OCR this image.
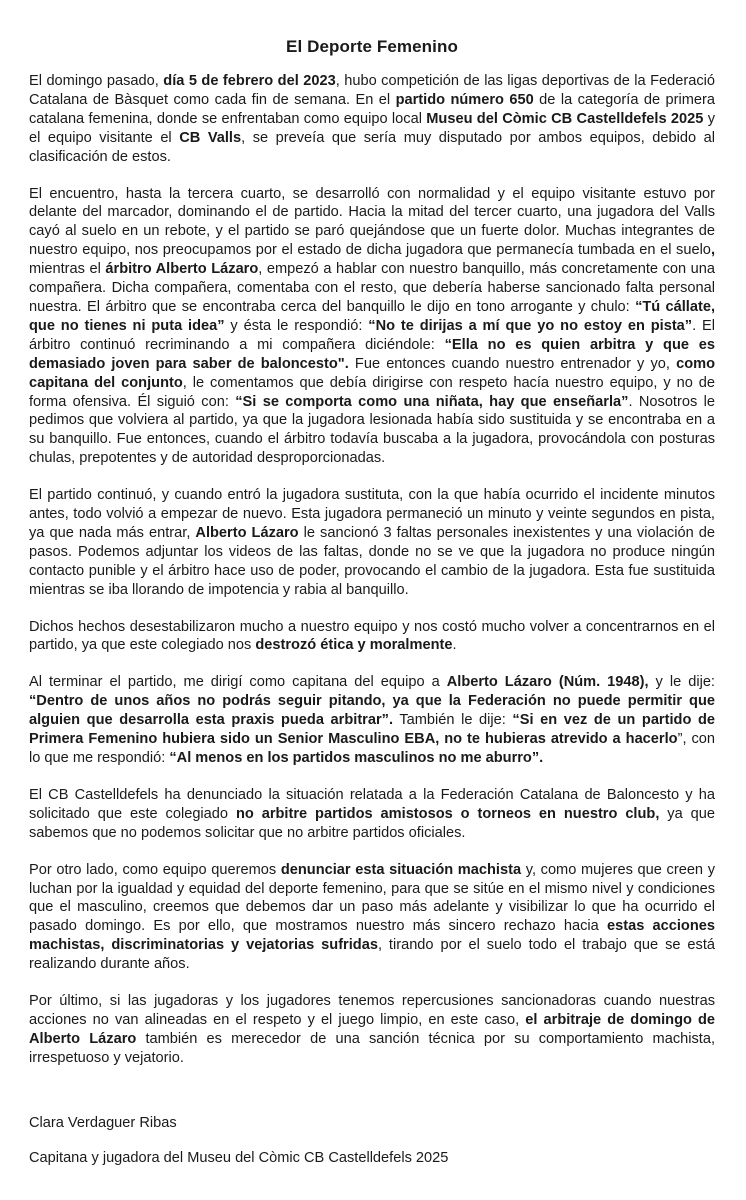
El Deporte Femenino

El domingo pasado, día 5 de febrero del 2023, hubo competición de las ligas deportivas de la Federació Catalana de Bàsquet como cada fin de semana. En el partido número 650 de la categoría de primera catalana femenina, donde se enfrentaban como equipo local Museu del Còmic CB Castelldefels 2025 y el equipo visitante el CB Valls, se preveía que sería muy disputado por ambos equipos, debido al clasificación de estos.

El encuentro, hasta la tercera cuarto, se desarrolló con normalidad y el equipo visitante estuvo por delante del marcador, dominando el de partido. Hacia la mitad del tercer cuarto, una jugadora del Valls cayó al suelo en un rebote, y el partido se paró quejándose que un fuerte dolor. Muchas integrantes de nuestro equipo, nos preocupamos por el estado de dicha jugadora que permanecía tumbada en el suelo, mientras el árbitro Alberto Lázaro, empezó a hablar con nuestro banquillo, más concretamente con una compañera. Dicha compañera, comentaba con el resto, que debería haberse sancionado falta personal nuestra. El árbitro que se encontraba cerca del banquillo le dijo en tono arrogante y chulo: “Tú cállate, que no tienes ni puta idea” y ésta le respondió: “No te dirijas a mí que yo no estoy en pista”. El árbitro continuó recriminando a mi compañera diciéndole: “Ella no es quien arbitra y que es demasiado joven para saber de baloncesto". Fue entonces cuando nuestro entrenador y yo, como capitana del conjunto, le comentamos que debía dirigirse con respeto hacía nuestro equipo, y no de forma ofensiva. Él siguió con: “Si se comporta como una niñata, hay que enseñarla”. Nosotros le pedimos que volviera al partido, ya que la jugadora lesionada había sido sustituida y se encontraba en a su banquillo. Fue entonces, cuando el árbitro todavía buscaba a la jugadora, provocándola con posturas chulas, prepotentes y de autoridad desproporcionadas.

El partido continuó, y cuando entró la jugadora sustituta, con la que había ocurrido el incidente minutos antes, todo volvió a empezar de nuevo. Esta jugadora permaneció un minuto y veinte segundos en pista, ya que nada más entrar, Alberto Lázaro le sancionó 3 faltas personales inexistentes y una violación de pasos. Podemos adjuntar los videos de las faltas, donde no se ve que la jugadora no produce ningún contacto punible y el árbitro hace uso de poder, provocando el cambio de la jugadora. Esta fue sustituida mientras se iba llorando de impotencia y rabia al banquillo.

Dichos hechos desestabilizaron mucho a nuestro equipo y nos costó mucho volver a concentrarnos en el partido, ya que este colegiado nos destrozó ética y moralmente.

Al terminar el partido, me dirigí como capitana del equipo a Alberto Lázaro (Núm. 1948), y le dije: “Dentro de unos años no podrás seguir pitando, ya que la Federación no puede permitir que alguien que desarrolla esta praxis pueda arbitrar”. También le dije: “Si en vez de un partido de Primera Femenino hubiera sido un Senior Masculino EBA, no te hubieras atrevido a hacerlo”, con lo que me respondió: “Al menos en los partidos masculinos no me aburro”.

El CB Castelldefels ha denunciado la situación relatada a la Federación Catalana de Baloncesto y ha solicitado que este colegiado no arbitre partidos amistosos o torneos en nuestro club, ya que sabemos que no podemos solicitar que no arbitre partidos oficiales.

Por otro lado, como equipo queremos denunciar esta situación machista y, como mujeres que creen y luchan por la igualdad y equidad del deporte femenino, para que se sitúe en el mismo nivel y condiciones que el masculino, creemos que debemos dar un paso más adelante y visibilizar lo que ha ocurrido el pasado domingo. Es por ello, que mostramos nuestro más sincero rechazo hacia estas acciones machistas, discriminatorias y vejatorias sufridas, tirando por el suelo todo el trabajo que se está realizando durante años.

Por último, si las jugadoras y los jugadores tenemos repercusiones sancionadoras cuando nuestras acciones no van alineadas en el respeto y el juego limpio, en este caso, el arbitraje de domingo de Alberto Lázaro también es merecedor de una sanción técnica por su comportamiento machista, irrespetuoso y vejatorio.

Clara Verdaguer Ribas

Capitana y jugadora del Museu del Còmic CB Castelldefels 2025
